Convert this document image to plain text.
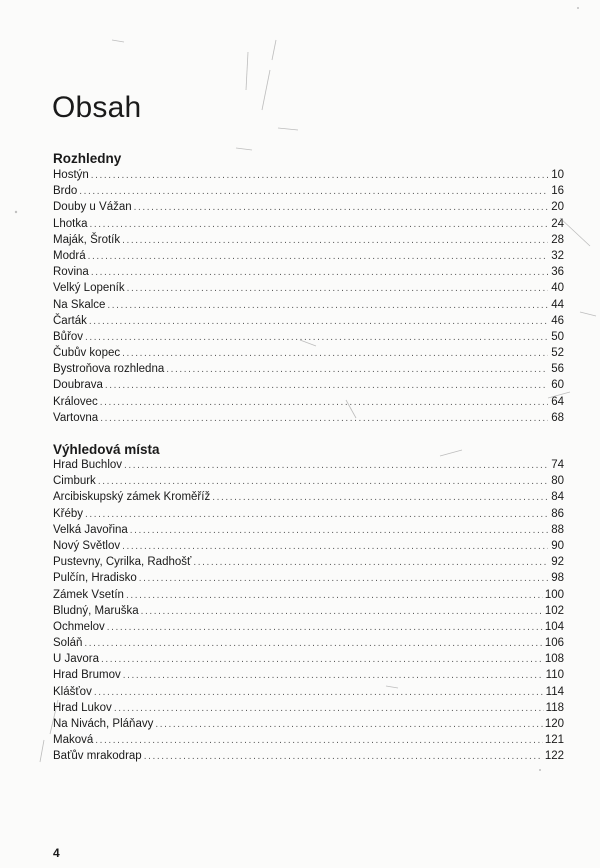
Obsah
Rozhledny
Hostýn .....	10
Brdo .....	16
Douby u Vážan .....	20
Lhotka .....	24
Maják, Šrotík .....	28
Modrá .....	32
Rovina .....	36
Velký Lopeník .....	40
Na Skalce .....	44
Čarták .....	46
Bůřov .....	50
Čubův kopec .....	52
Bystroňova rozhledna .....	56
Doubrava .....	60
Královec .....	64
Vartovna .....	68
Výhledová místa
Hrad Buchlov .....	74
Cimburk .....	80
Arcibiskupský zámek Kroměříž .....	84
Křéby .....	86
Velká Javořina .....	88
Nový Světlov .....	90
Pustevny, Cyrilka, Radhošť .....	92
Pulčín, Hradisko .....	98
Zámek Vsetín .....	100
Bludný, Maruška .....	102
Ochmelov .....	104
Soláň .....	106
U Javora .....	108
Hrad Brumov .....	110
Klášťov .....	114
Hrad Lukov .....	118
Na Nivách, Pláňavy .....	120
Maková .....	121
Baťův mrakodrap .....	122

4
